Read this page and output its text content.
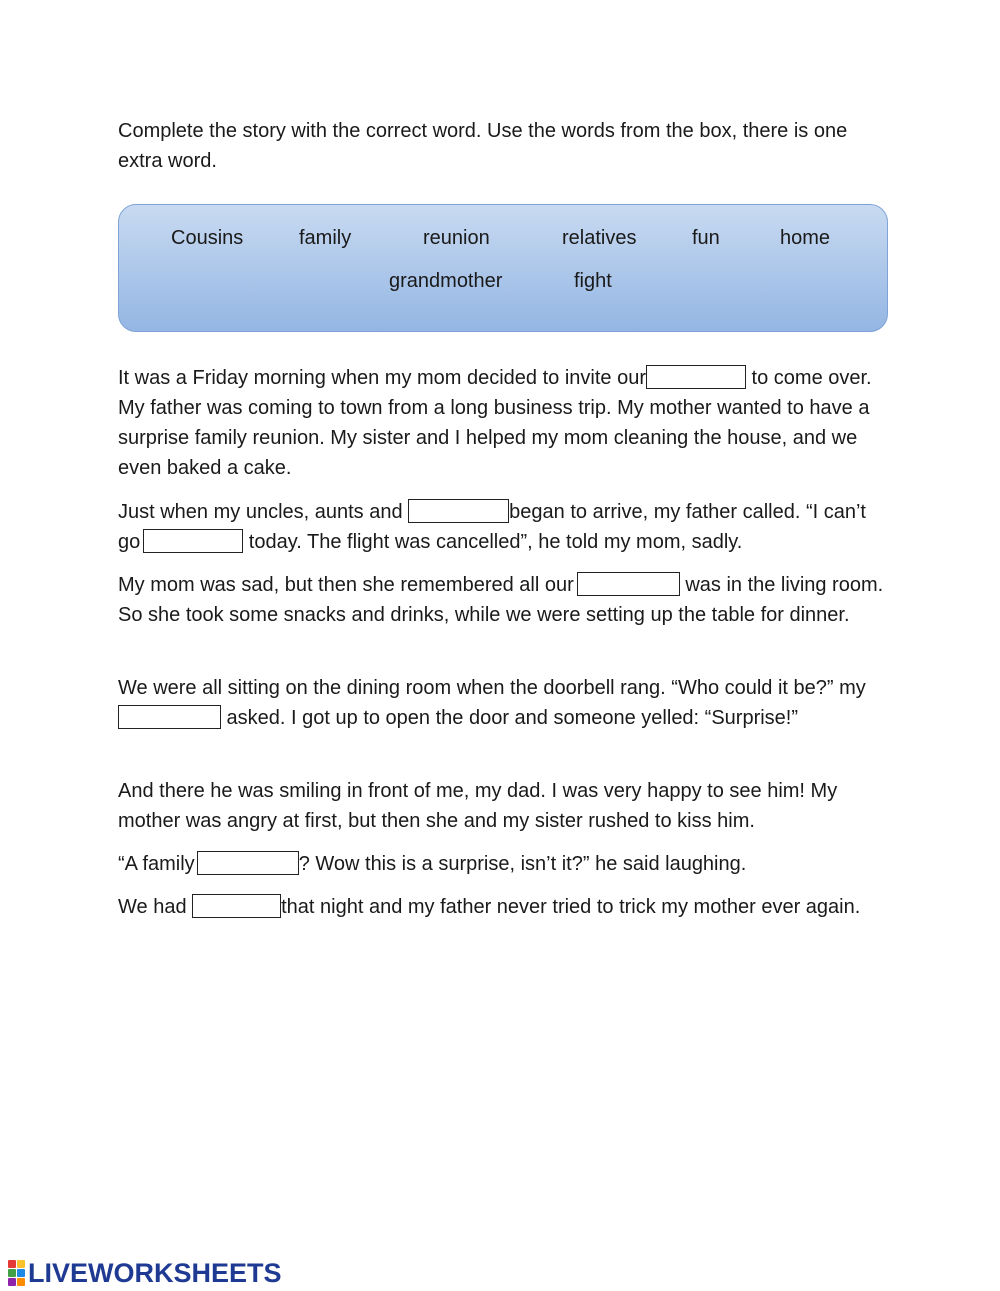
Complete the story with the correct word. Use the words from the box, there is one extra word.

Cousins	family	reunion	relatives	fun	home
grandmother	fight

It was a Friday morning when my mom decided to invite our	to come over. My father was coming to town from a long business trip. My mother wanted to have a surprise family reunion. My sister and I helped my mom cleaning the house, and we even baked a cake.

Just when my uncles, aunts and	began to arrive, my father called. “I can’t go	today. The flight was cancelled”, he told my mom, sadly.

My mom was sad, but then she remembered all our	was in the living room. So she took some snacks and drinks, while we were setting up the table for dinner.

We were all sitting on the dining room when the doorbell rang. “Who could it be?” my  asked. I got up to open the door and someone yelled: “Surprise!”

And there he was smiling in front of me, my dad. I was very happy to see him! My mother was angry at first, but then she and my sister rushed to kiss him.

“A family	? Wow this is a surprise, isn’t it?” he said laughing.

We had	that night and my father never tried to trick my mother ever again.

LIVEWORKSHEETS
